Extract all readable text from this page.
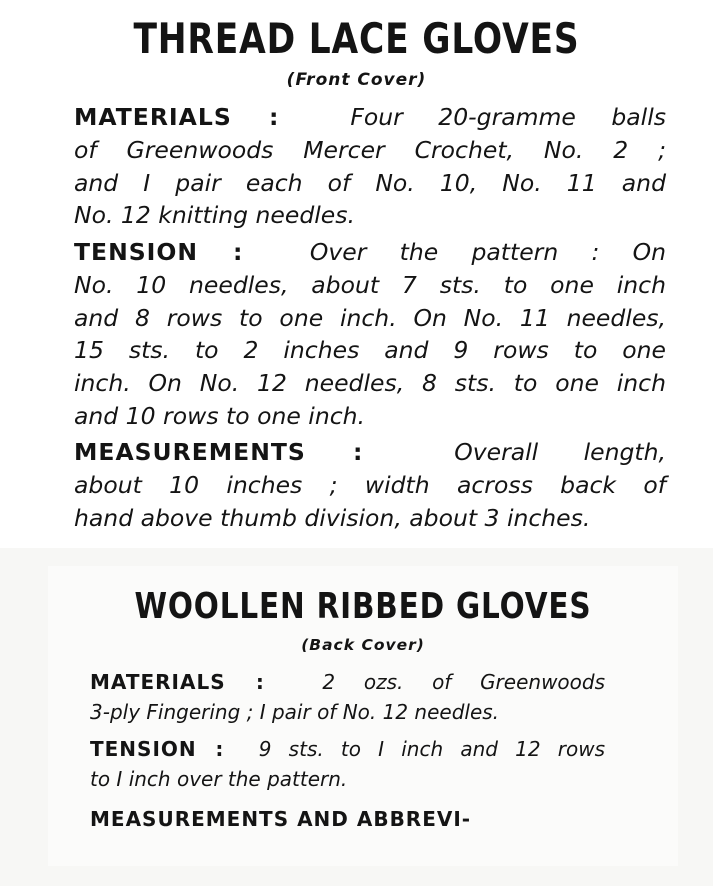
THREAD LACE GLOVES
(Front Cover)
MATERIALS :	Four 20-gramme balls
of Greenwoods Mercer Crochet, No. 2 ;
and I pair each of No. 10, No. 11 and
No. 12 knitting needles.
TENSION :	Over the pattern : On
No. 10 needles, about 7 sts. to one inch
and 8 rows to one inch. On No. 11 needles,
15 sts. to 2 inches and 9 rows to one
inch. On No. 12 needles, 8 sts. to one inch
and 10 rows to one inch.
MEASUREMENTS :	Overall length,
about 10 inches ; width across back of
hand above thumb division, about 3 inches.
WOOLLEN RIBBED GLOVES
(Back Cover)
MATERIALS :	2 ozs. of Greenwoods
3-ply Fingering ; I pair of No. 12 needles.
TENSION : 9 sts. to I inch and 12 rows
to I inch over the pattern.
MEASUREMENTS AND ABBREVI-
